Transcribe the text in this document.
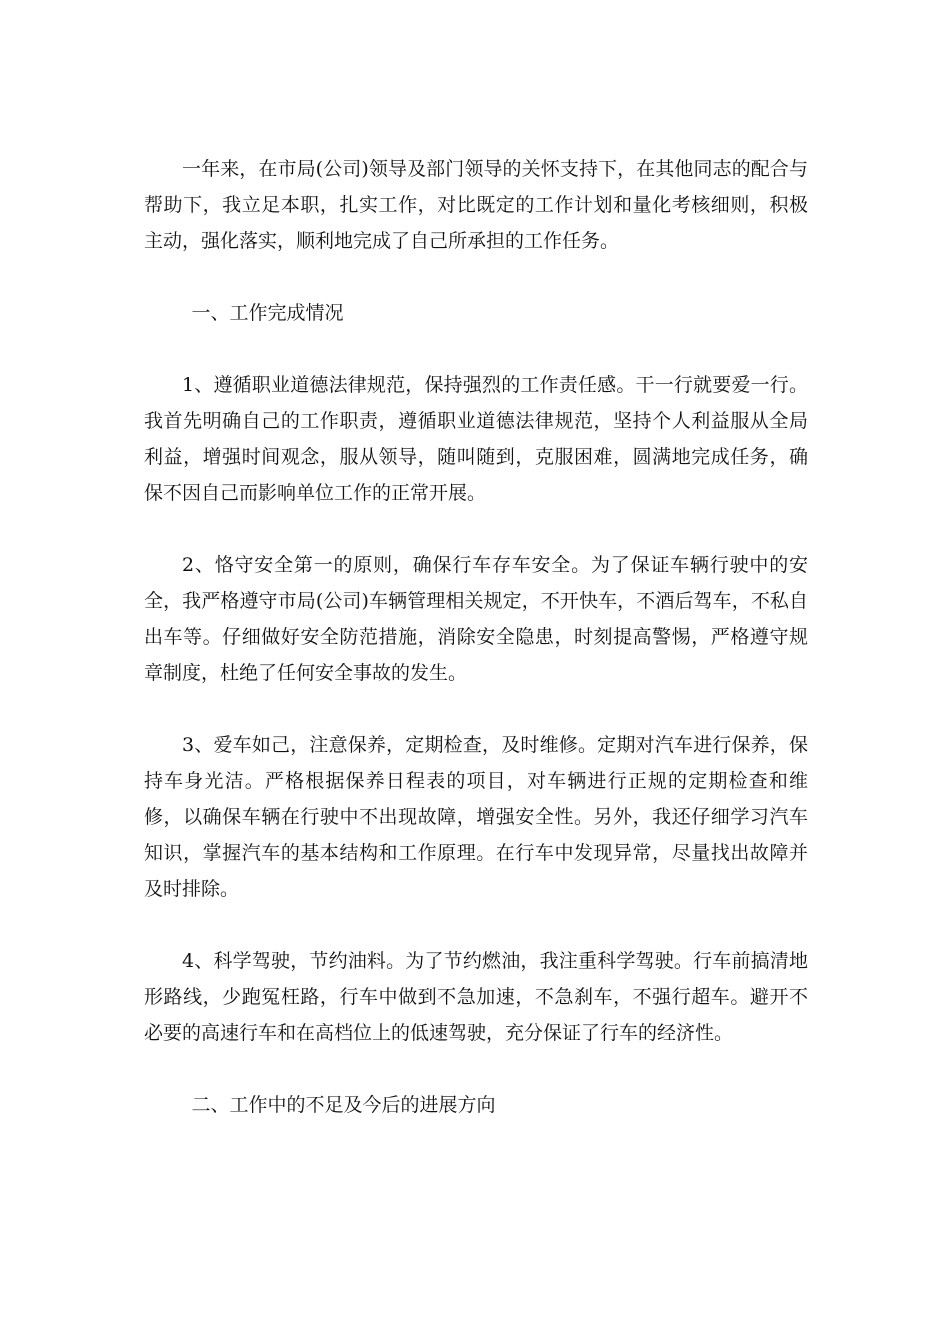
一年来，在市局(公司)领导及部门领导的关怀支持下，在其他同志的配合与帮助下，我立足本职，扎实工作，对比既定的工作计划和量化考核细则，积极主动，强化落实，顺利地完成了自己所承担的工作任务。

一、工作完成情况

1、遵循职业道德法律规范，保持强烈的工作责任感。干一行就要爱一行。我首先明确自己的工作职责，遵循职业道德法律规范，坚持个人利益服从全局利益，增强时间观念，服从领导，随叫随到，克服困难，圆满地完成任务，确保不因自己而影响单位工作的正常开展。

2、恪守安全第一的原则，确保行车存车安全。为了保证车辆行驶中的安全，我严格遵守市局(公司)车辆管理相关规定，不开快车，不酒后驾车，不私自出车等。仔细做好安全防范措施，消除安全隐患，时刻提高警惕，严格遵守规章制度，杜绝了任何安全事故的发生。

3、爱车如己，注意保养，定期检查，及时维修。定期对汽车进行保养，保持车身光洁。严格根据保养日程表的项目，对车辆进行正规的定期检查和维修，以确保车辆在行驶中不出现故障，增强安全性。另外，我还仔细学习汽车知识，掌握汽车的基本结构和工作原理。在行车中发现异常，尽量找出故障并及时排除。

4、科学驾驶，节约油料。为了节约燃油，我注重科学驾驶。行车前搞清地形路线，少跑冤枉路，行车中做到不急加速，不急刹车，不强行超车。避开不必要的高速行车和在高档位上的低速驾驶，充分保证了行车的经济性。

二、工作中的不足及今后的进展方向
